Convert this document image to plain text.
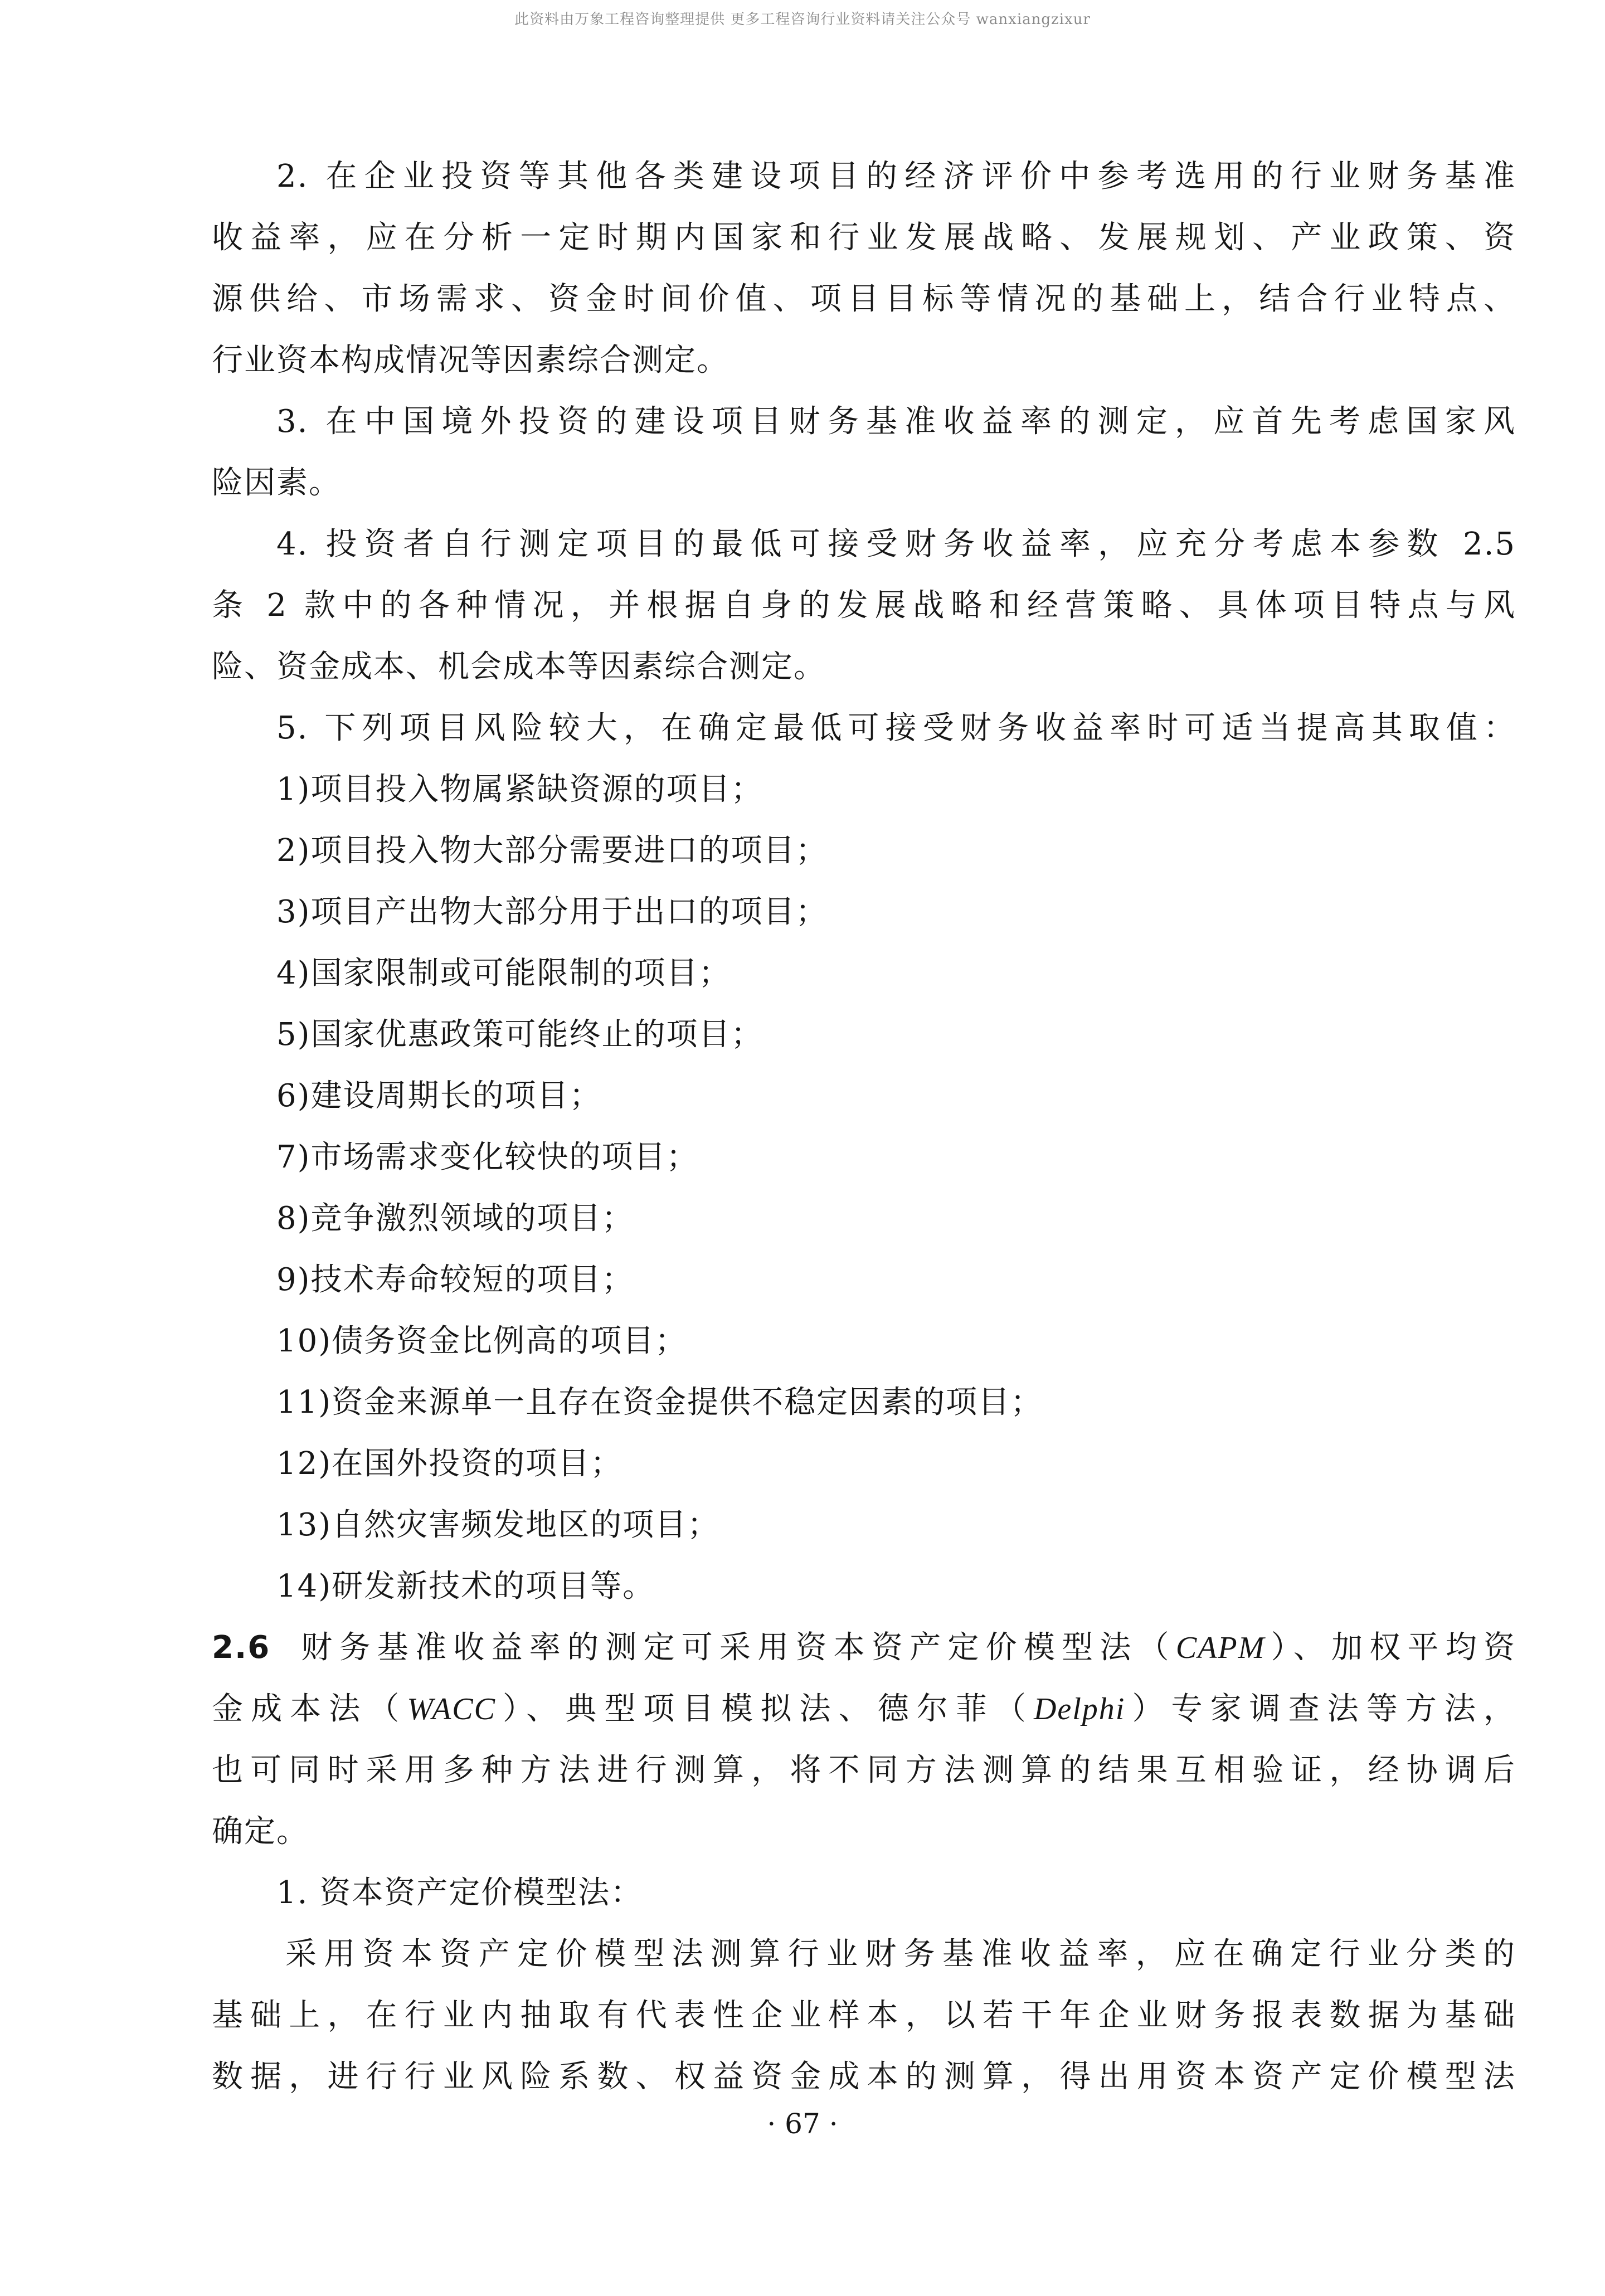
此资料由万象工程咨询整理提供 更多工程咨询行业资料请关注公众号 wanxiangzixur
2. 在企业投资等其他各类建设项目的经济评价中参考选用的行业财务基准
收益率，应在分析一定时期内国家和行业发展战略、发展规划、产业政策、资
源供给、市场需求、资金时间价值、项目目标等情况的基础上，结合行业特点、
行业资本构成情况等因素综合测定。
3. 在中国境外投资的建设项目财务基准收益率的测定，应首先考虑国家风
险因素。
4. 投资者自行测定项目的最低可接受财务收益率，应充分考虑本参数 2.5
条 2 款中的各种情况，并根据自身的发展战略和经营策略、具体项目特点与风
险、资金成本、机会成本等因素综合测定。
5. 下列项目风险较大，在确定最低可接受财务收益率时可适当提高其取值：
1)项目投入物属紧缺资源的项目；
2)项目投入物大部分需要进口的项目；
3)项目产出物大部分用于出口的项目；
4)国家限制或可能限制的项目；
5)国家优惠政策可能终止的项目；
6)建设周期长的项目；
7)市场需求变化较快的项目；
8)竞争激烈领域的项目；
9)技术寿命较短的项目；
10)债务资金比例高的项目；
11)资金来源单一且存在资金提供不稳定因素的项目；
12)在国外投资的项目；
13)自然灾害频发地区的项目；
14)研发新技术的项目等。
2.6 财务基准收益率的测定可采用资本资产定价模型法（CAPM）、加权平均资
金成本法（WACC）、典型项目模拟法、德尔菲（Delphi）专家调查法等方法，
也可同时采用多种方法进行测算，将不同方法测算的结果互相验证，经协调后
确定。
1. 资本资产定价模型法：
采用资本资产定价模型法测算行业财务基准收益率，应在确定行业分类的
基础上，在行业内抽取有代表性企业样本，以若干年企业财务报表数据为基础
数据，进行行业风险系数、权益资金成本的测算，得出用资本资产定价模型法
· 67 ·
